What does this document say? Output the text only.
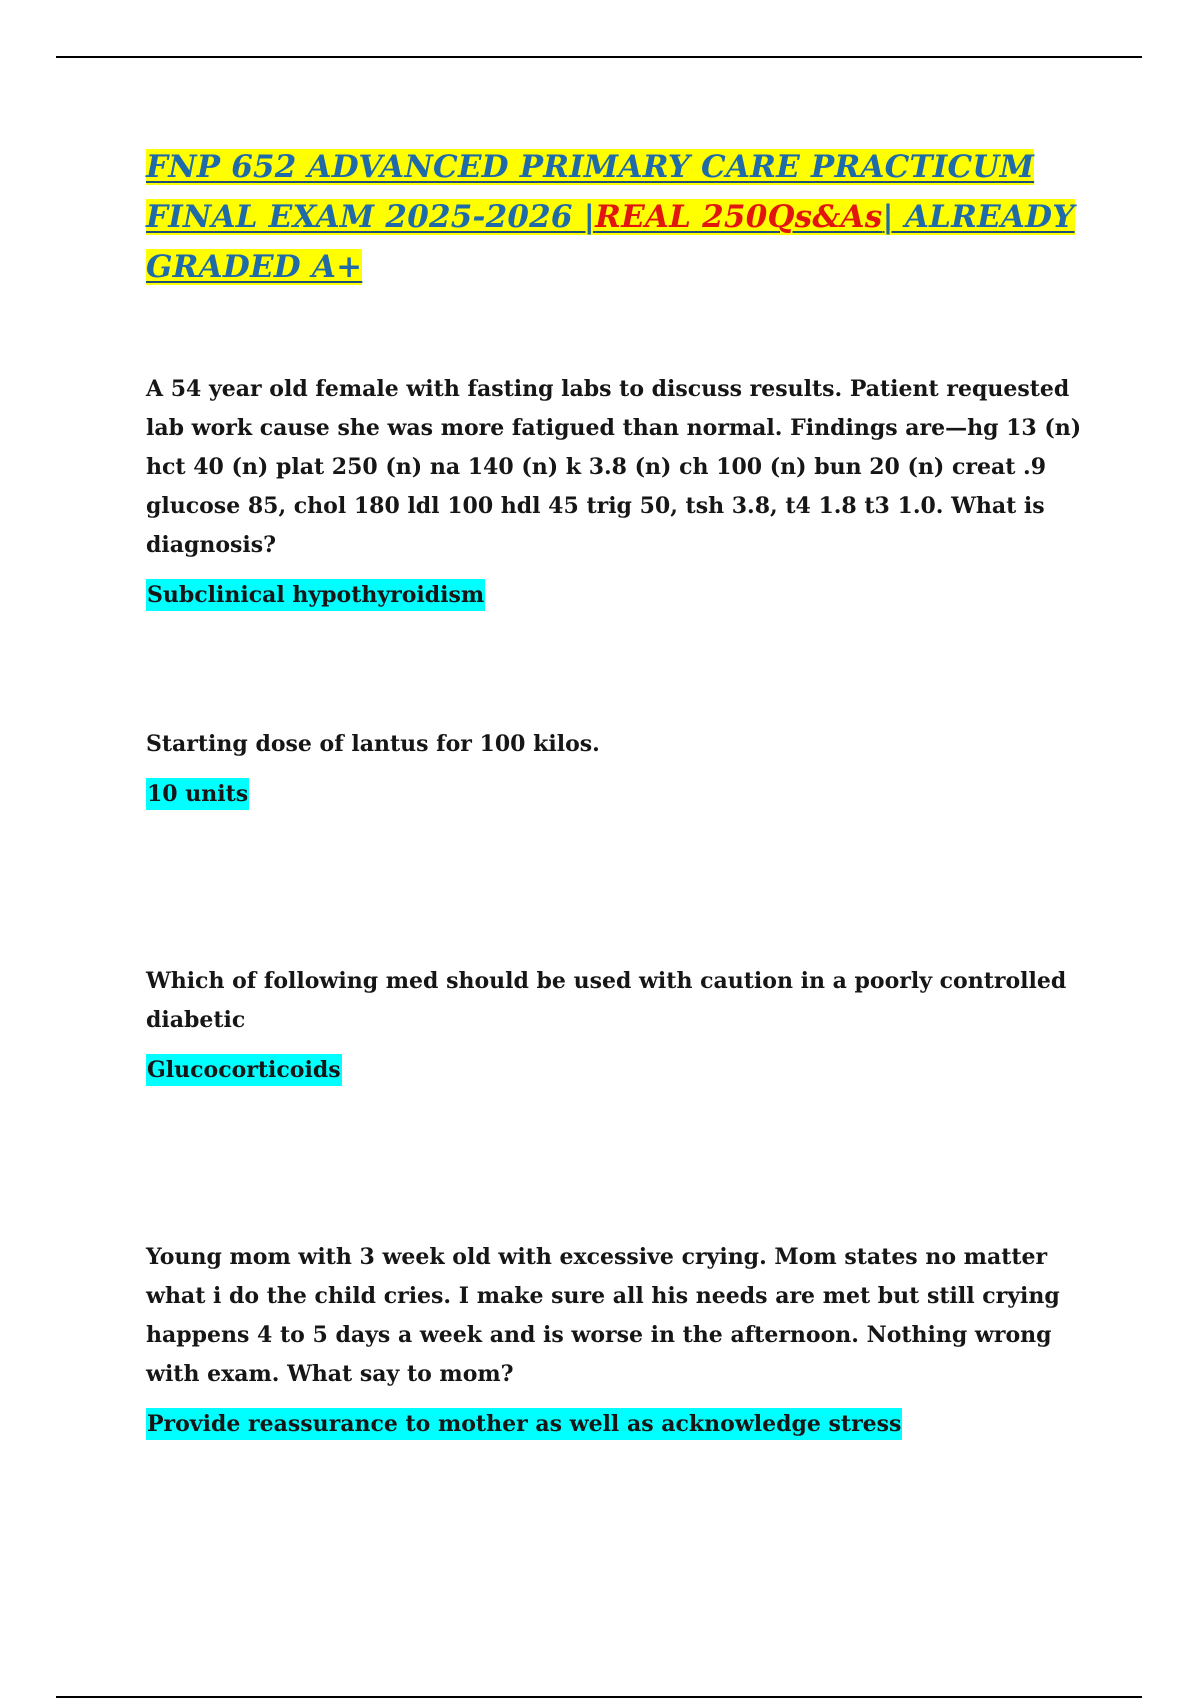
FNP 652 ADVANCED PRIMARY CARE PRACTICUM FINAL EXAM 2025-2026 |REAL 250Qs&As| ALREADY GRADED A+

A 54 year old female with fasting labs to discuss results. Patient requested lab work cause she was more fatigued than normal. Findings are—hg 13 (n) hct 40 (n) plat 250 (n) na 140 (n) k 3.8 (n) ch 100 (n) bun 20 (n) creat .9 glucose 85, chol 180 ldl 100 hdl 45 trig 50, tsh 3.8, t4 1.8 t3 1.0. What is diagnosis?

Subclinical hypothyroidism

Starting dose of lantus for 100 kilos.

10 units

Which of following med should be used with caution in a poorly controlled diabetic

Glucocorticoids

Young mom with 3 week old with excessive crying. Mom states no matter what i do the child cries. I make sure all his needs are met but still crying happens 4 to 5 days a week and is worse in the afternoon. Nothing wrong with exam. What say to mom?

Provide reassurance to mother as well as acknowledge stress
